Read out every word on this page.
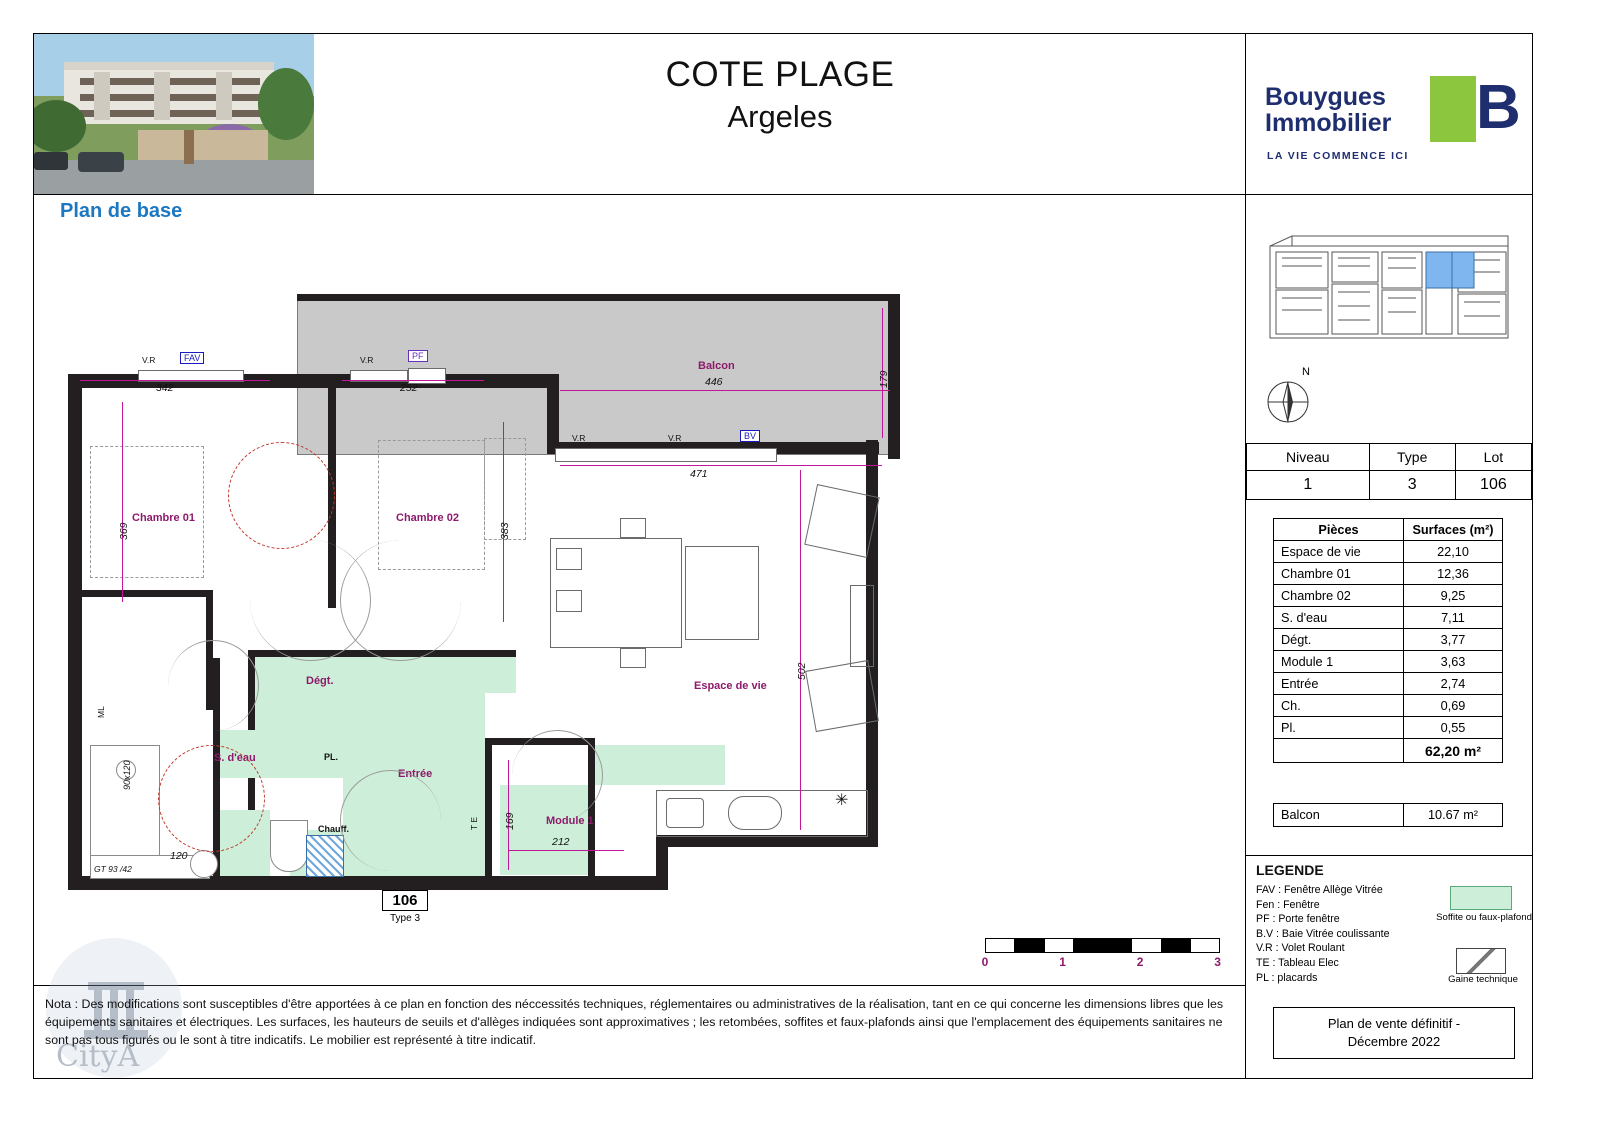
COTE PLAGE
Argeles
Bouygues
Immobilier
LA VIE COMMENCE ICI
B
Plan de base
N
Niveau	Type	Lot
1	3	106
Pièces	Surfaces (m²)
Espace de vie	22,10
Chambre 01	12,36
Chambre 02	9,25
S. d'eau	7,11
Dégt.	3,77
Module 1	3,63
Entrée	2,74
Ch.	0,69
Pl.	0,55
	62,20 m²
Balcon	10.67 m²
LEGENDE
FAV : Fenêtre Allège Vitrée
Fen : Fenêtre
PF : Porte fenêtre
B.V : Baie Vitrée coulissante
V.R : Volet Roulant
TE : Tableau Elec
PL : placards
Soffite ou faux-plafond
Gaine technique
Plan de vente définitif -
Décembre 2022
0	1	2	3
CityA
Nota : Des modifications sont susceptibles d'être apportées à ce plan en fonction des néccessités techniques, réglementaires ou administratives de la réalisation, tant en ce qui concerne les dimensions libres que les équipements sanitaires et électriques. Les surfaces, les hauteurs de seuils et d'allèges indiquées sont approximatives ; les retombées, soffites et faux-plafonds ainsi que l'emplacement des équipements sanitaires ne sont pas tous figurés ou le sont à titre indicatifs. Le mobilier est représenté à titre indicatif.
Balcon
Chambre 01	Chambre 02
Espace de vie
Dégt.
S. d'eau
Entrée
Module 1
PL.
Chauff.
ML
T E
✳
FAV	PF
BV
V.R	V.R
V.R	V.R
342	252	446	179
471
369	383
502
169
212
120
90x120
GT 93 /42
106
Type 3
